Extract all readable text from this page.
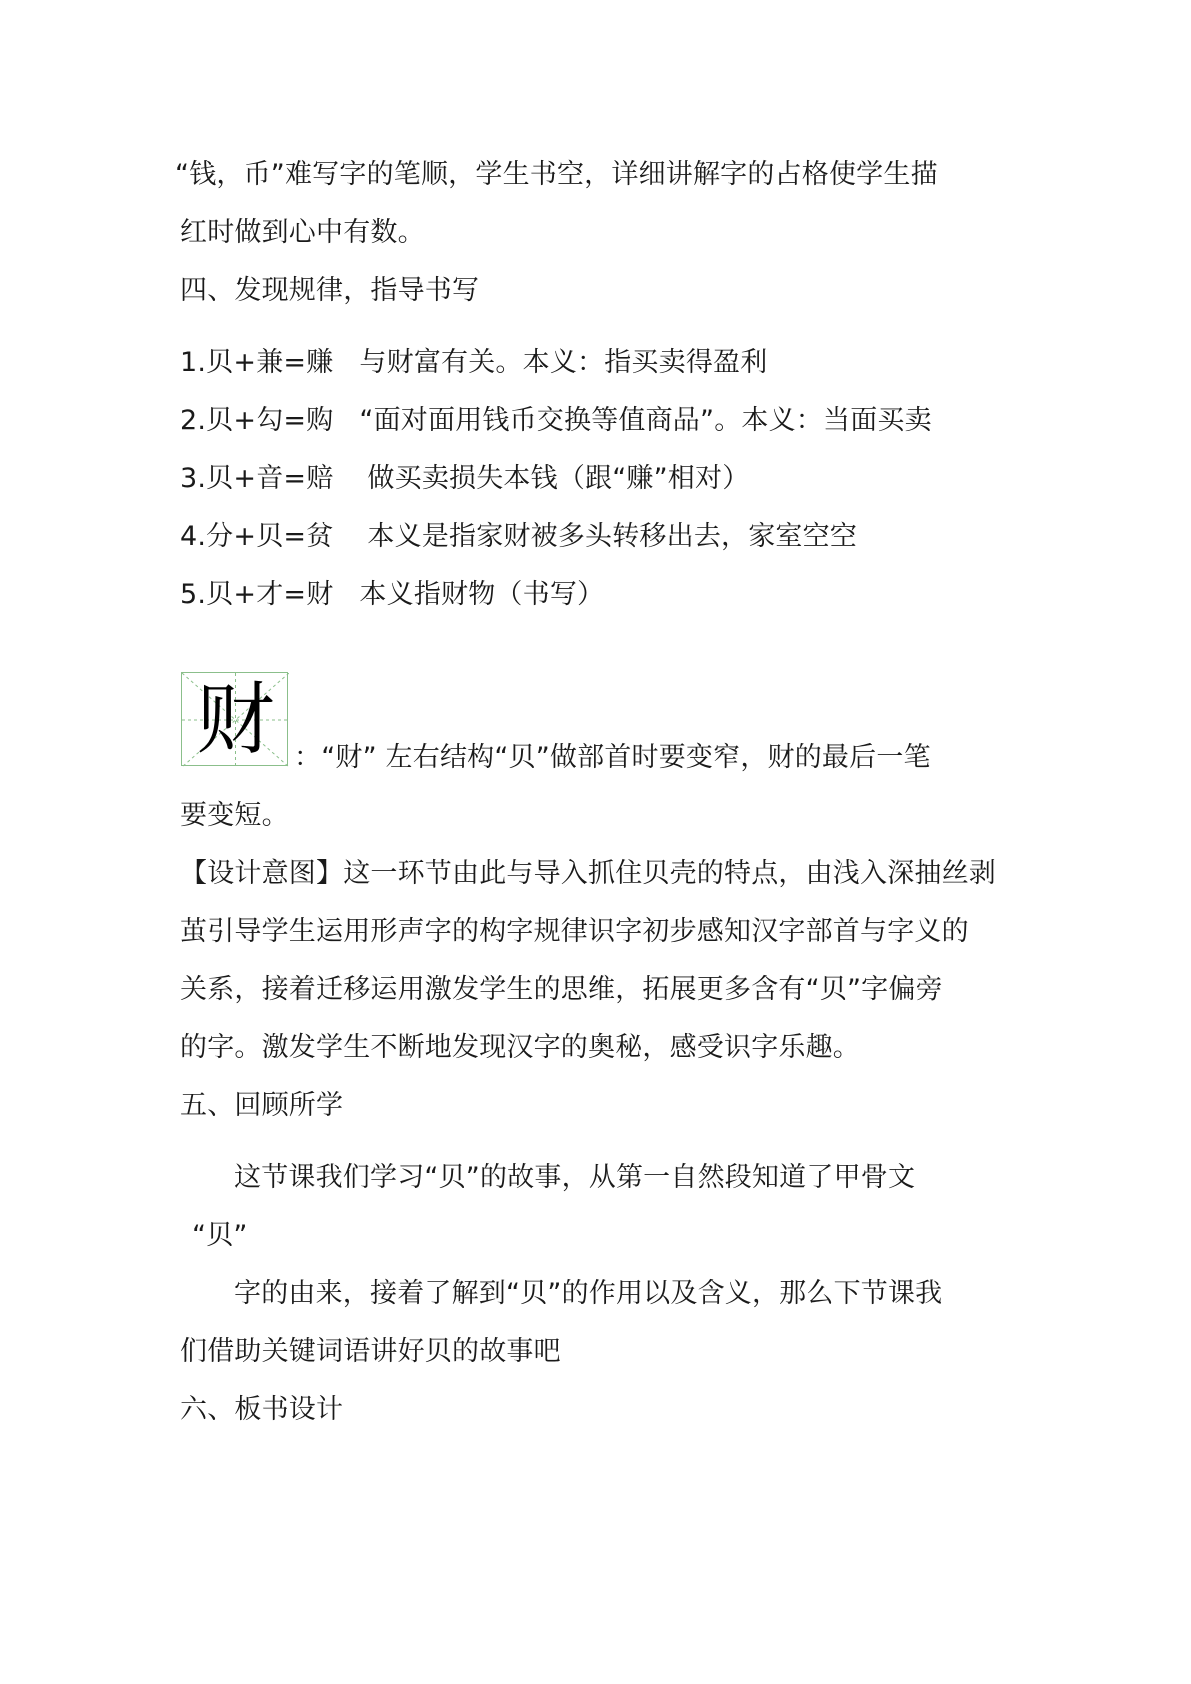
“钱，币”难写字的笔顺，学生书空，详细讲解字的占格使学生描
红时做到心中有数。
四、发现规律，指导书写
1.贝+兼=赚 与财富有关。本义：指买卖得盈利
2.贝+勾=购 “面对面用钱币交换等值商品”。本义：当面买卖
3.贝+音=赔 做买卖损失本钱（跟“赚”相对）
4.分+贝=贫 本义是指家财被多头转移出去，家室空空
5.贝+才=财 本义指财物（书写）
财 ：“财” 左右结构“贝”做部首时要变窄，财的最后一笔
要变短。
【设计意图】这一环节由此与导入抓住贝壳的特点，由浅入深抽丝剥
茧引导学生运用形声字的构字规律识字初步感知汉字部首与字义的
关系，接着迁移运用激发学生的思维，拓展更多含有“贝”字偏旁
的字。激发学生不断地发现汉字的奥秘，感受识字乐趣。
五、回顾所学
这节课我们学习“贝”的故事，从第一自然段知道了甲骨文
“贝”
字的由来，接着了解到“贝”的作用以及含义，那么下节课我
们借助关键词语讲好贝的故事吧
六、板书设计
